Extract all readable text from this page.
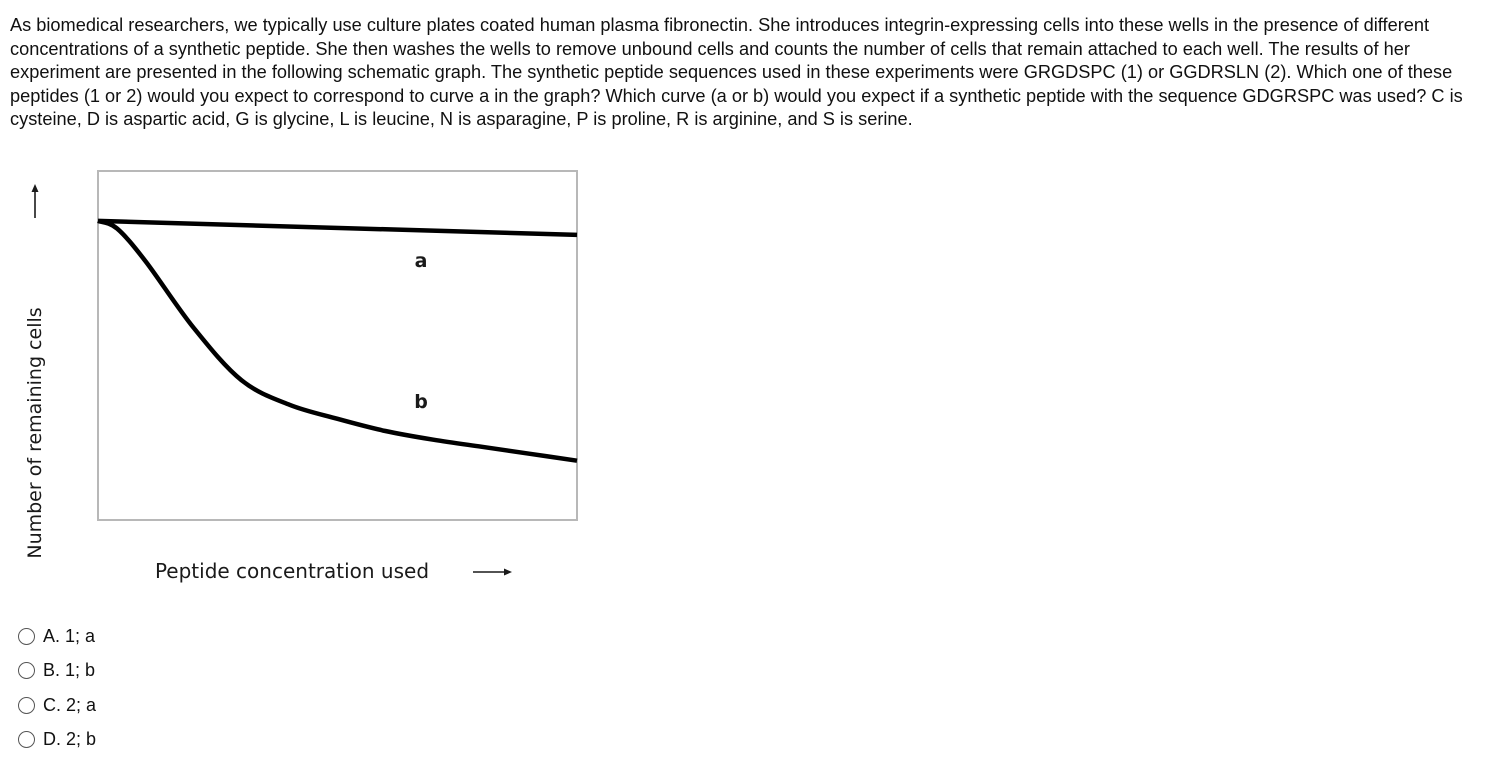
As biomedical researchers, we typically use culture plates coated human plasma fibronectin. She introduces integrin-expressing cells into these wells in the presence of different concentrations of a synthetic peptide. She then washes the wells to remove unbound cells and counts the number of cells that remain attached to each well. The results of her experiment are presented in the following schematic graph. The synthetic peptide sequences used in these experiments were GRGDSPC (1) or GGDRSLN (2). Which one of these peptides (1 or 2) would you expect to correspond to curve a in the graph? Which curve (a or b) would you expect if a synthetic peptide with the sequence GDGRSPC was used? C is cysteine, D is aspartic acid, G is glycine, L is leucine, N is asparagine, P is proline, R is arginine, and S is serine.

Number of remaining cells
a
b
Peptide concentration used
A. 1; a
B. 1; b
C. 2; a
D. 2; b
